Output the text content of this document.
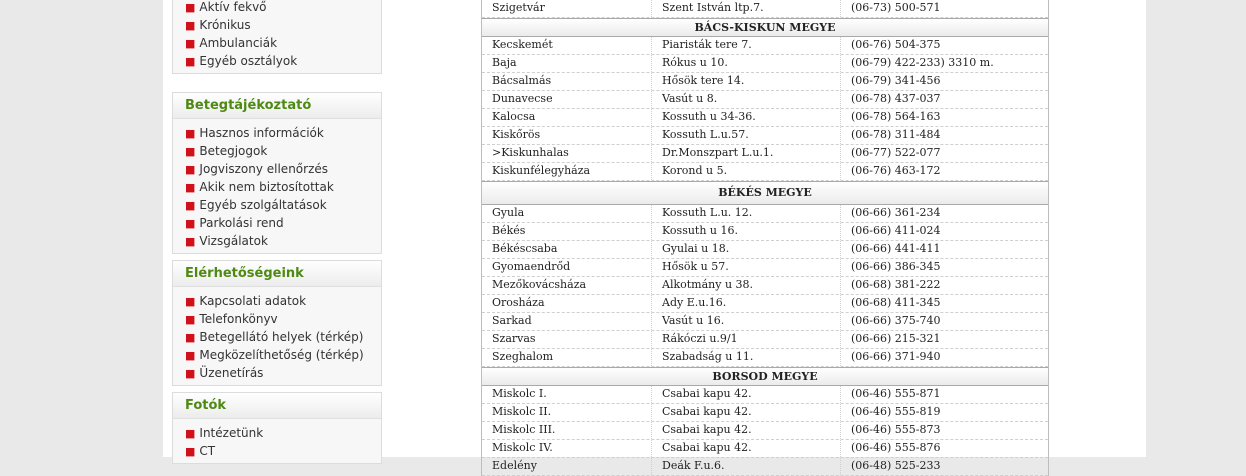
■ Aktív fekvő
■ Krónikus
■ Ambulanciák
■ Egyéb osztályok
Betegtájékoztató
■ Hasznos információk
■ Betegjogok
■ Jogviszony ellenőrzés
■ Akik nem biztosítottak
■ Egyéb szolgáltatások
■ Parkolási rend
■ Vizsgálatok
Elérhetőségeink
■ Kapcsolati adatok
■ Telefonkönyv
■ Betegellátó helyek (térkép)
■ Megközelíthetőség (térkép)
■ Üzenetírás
Fotók
■ Intézetünk
■ CT
Szigetvár	Szent István ltp.7.	(06-73) 500-571
BÁCS-KISKUN MEGYE
Kecskemét	Piaristák tere 7.	(06-76) 504-375
Baja	Rókus u 10.	(06-79) 422-233) 3310 m.
Bácsalmás	Hősök tere 14.	(06-79) 341-456
Dunavecse	Vasút u 8.	(06-78) 437-037
Kalocsa	Kossuth u 34-36.	(06-78) 564-163
Kiskőrös	Kossuth L.u.57.	(06-78) 311-484
>Kiskunhalas	Dr.Monszpart L.u.1.	(06-77) 522-077
Kiskunfélegyháza	Korond u 5.	(06-76) 463-172
BÉKÉS MEGYE
Gyula	Kossuth L.u. 12.	(06-66) 361-234
Békés	Kossuth u 16.	(06-66) 411-024
Békéscsaba	Gyulai u 18.	(06-66) 441-411
Gyomaendrőd	Hősök u 57.	(06-66) 386-345
Mezőkovácsháza	Alkotmány u 38.	(06-68) 381-222
Orosháza	Ady E.u.16.	(06-68) 411-345
Sarkad	Vasút u 16.	(06-66) 375-740
Szarvas	Rákóczi u.9/1	(06-66) 215-321
Szeghalom	Szabadság u 11.	(06-66) 371-940
BORSOD MEGYE
Miskolc I.	Csabai kapu 42.	(06-46) 555-871
Miskolc II.	Csabai kapu 42.	(06-46) 555-819
Miskolc III.	Csabai kapu 42.	(06-46) 555-873
Miskolc IV.	Csabai kapu 42.	(06-46) 555-876
Edelény	Deák F.u.6.	(06-48) 525-233
